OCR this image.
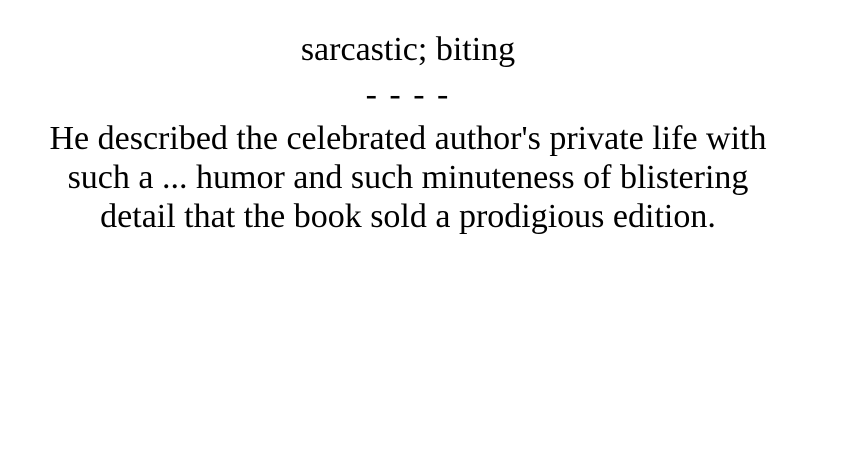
sarcastic; biting
- - - -
He described the celebrated author's private life with such a ... humor and such minuteness of blistering detail that the book sold a prodigious edition.
